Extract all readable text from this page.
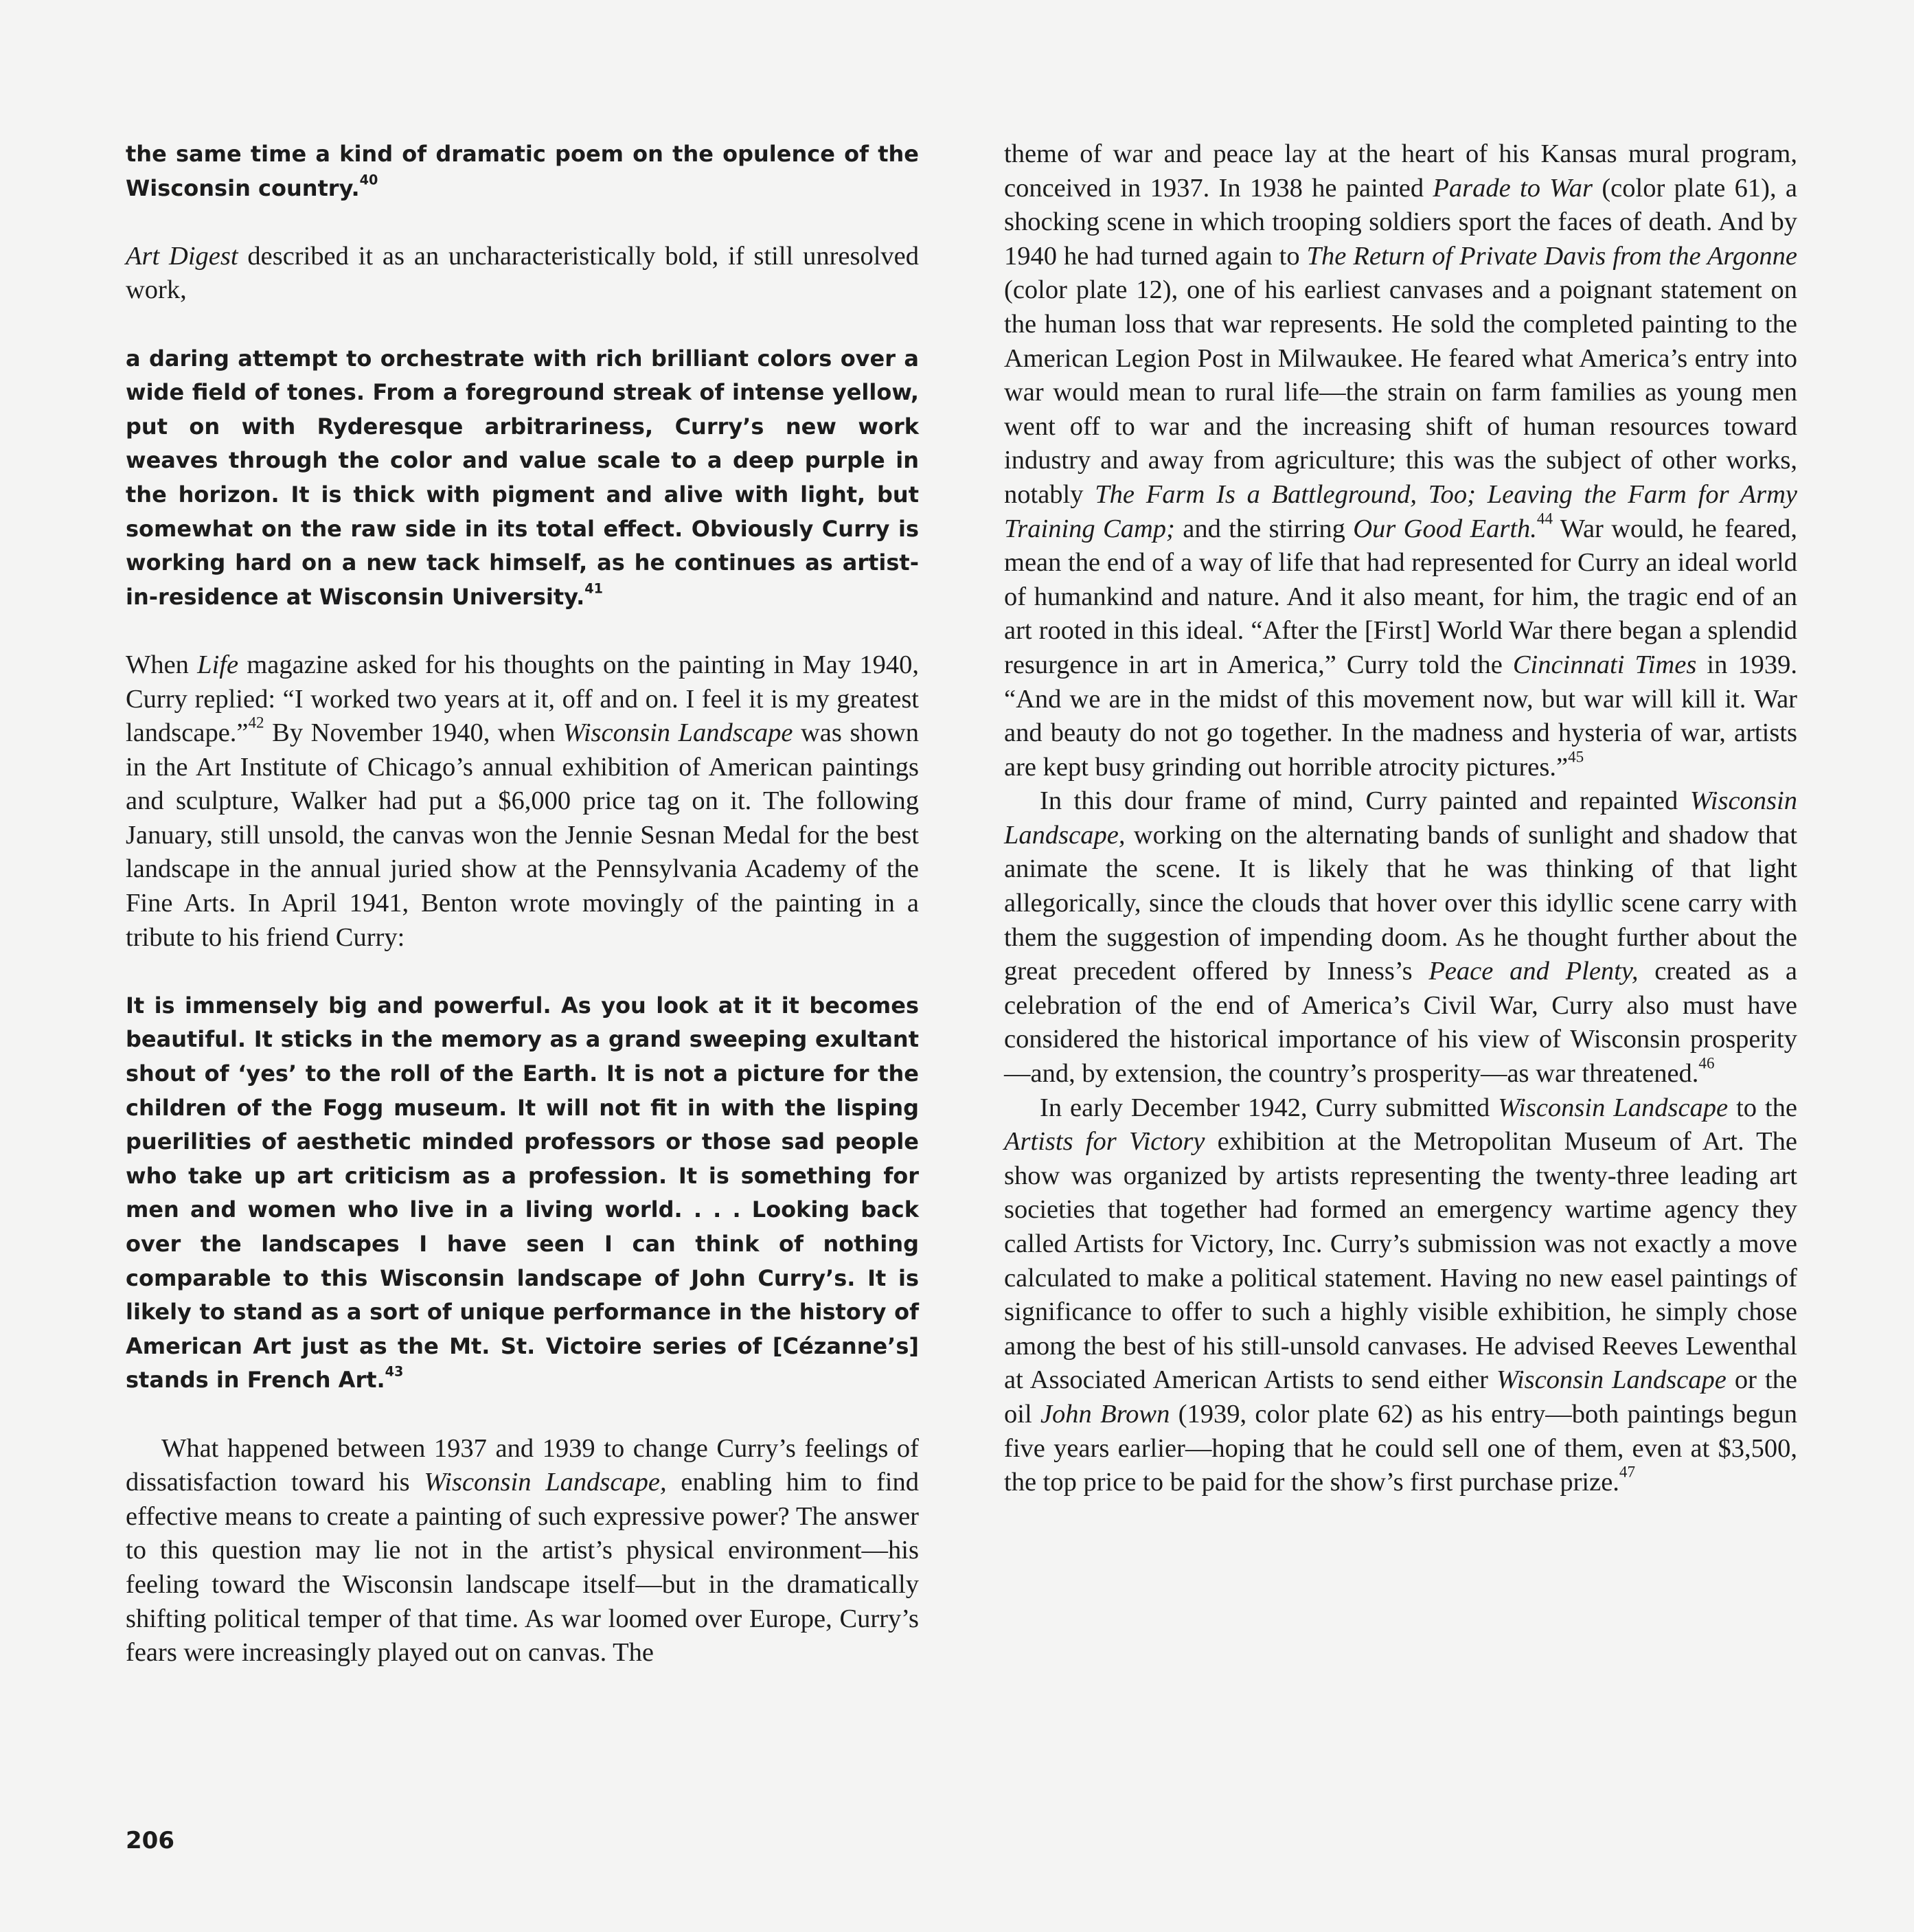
the same time a kind of dramatic poem on the opulence of the Wisconsin country.$^{40}$

Art Digest described it as an uncharacteristically bold, if still unresolved work,

a daring attempt to orchestrate with rich brilliant colors over a wide field of tones. From a foreground streak of intense yellow, put on with Ryderesque arbitrariness, Curry’s new work weaves through the color and value scale to a deep purple in the horizon. It is thick with pigment and alive with light, but somewhat on the raw side in its total effect. Obviously Curry is working hard on a new tack himself, as he continues as artist-in-residence at Wisconsin University.$^{41}$

When Life magazine asked for his thoughts on the painting in May 1940, Curry replied: “I worked two years at it, off and on. I feel it is my greatest landscape.”$^{42}$ By November 1940, when Wisconsin Landscape was shown in the Art Institute of Chicago’s annual exhibition of American paintings and sculpture, Walker had put a $6,000 price tag on it. The following January, still unsold, the canvas won the Jennie Sesnan Medal for the best landscape in the annual juried show at the Pennsylvania Academy of the Fine Arts. In April 1941, Benton wrote movingly of the painting in a tribute to his friend Curry:

It is immensely big and powerful. As you look at it it becomes beautiful. It sticks in the memory as a grand sweeping exultant shout of ‘yes’ to the roll of the Earth. It is not a picture for the children of the Fogg museum. It will not fit in with the lisping puerilities of aesthetic minded professors or those sad people who take up art criticism as a profession. It is something for men and women who live in a living world. . . . Looking back over the landscapes I have seen I can think of nothing comparable to this Wisconsin landscape of John Curry’s. It is likely to stand as a sort of unique performance in the history of American Art just as the Mt. St. Victoire series of [Cézanne’s] stands in French Art.$^{43}$

What happened between 1937 and 1939 to change Curry’s feelings of dissatisfaction toward his Wisconsin Landscape, enabling him to find effective means to create a painting of such expressive power? The answer to this question may lie not in the artist’s physical environment—his feeling toward the Wisconsin landscape itself—but in the dramatically shifting political temper of that time. As war loomed over Europe, Curry’s fears were increasingly played out on canvas. The

theme of war and peace lay at the heart of his Kansas mural program, conceived in 1937. In 1938 he painted Parade to War (color plate 61), a shocking scene in which trooping soldiers sport the faces of death. And by 1940 he had turned again to The Return of Private Davis from the Argonne (color plate 12), one of his earliest canvases and a poignant statement on the human loss that war represents. He sold the completed painting to the American Legion Post in Milwaukee. He feared what America’s entry into war would mean to rural life—the strain on farm families as young men went off to war and the increasing shift of human resources toward industry and away from agriculture; this was the subject of other works, notably The Farm Is a Battleground, Too; Leaving the Farm for Army Training Camp; and the stirring Our Good Earth.$^{44}$ War would, he feared, mean the end of a way of life that had represented for Curry an ideal world of humankind and nature. And it also meant, for him, the tragic end of an art rooted in this ideal. “After the [First] World War there began a splendid resurgence in art in America,” Curry told the Cincinnati Times in 1939. “And we are in the midst of this movement now, but war will kill it. War and beauty do not go together. In the madness and hysteria of war, artists are kept busy grinding out horrible atrocity pictures.”$^{45}$

In this dour frame of mind, Curry painted and repainted Wisconsin Landscape, working on the alternating bands of sunlight and shadow that animate the scene. It is likely that he was thinking of that light allegorically, since the clouds that hover over this idyllic scene carry with them the suggestion of impending doom. As he thought further about the great precedent offered by Inness’s Peace and Plenty, created as a celebration of the end of America’s Civil War, Curry also must have considered the historical importance of his view of Wisconsin prosperity—and, by extension, the country’s prosperity—as war threatened.$^{46}$

In early December 1942, Curry submitted Wisconsin Landscape to the Artists for Victory exhibition at the Metropolitan Museum of Art. The show was organized by artists representing the twenty-three leading art societies that together had formed an emergency wartime agency they called Artists for Victory, Inc. Curry’s submission was not exactly a move calculated to make a political statement. Having no new easel paintings of significance to offer to such a highly visible exhibition, he simply chose among the best of his still-unsold canvases. He advised Reeves Lewenthal at Associated American Artists to send either Wisconsin Landscape or the oil John Brown (1939, color plate 62) as his entry—both paintings begun five years earlier—hoping that he could sell one of them, even at $3,500, the top price to be paid for the show’s first purchase prize.$^{47}$

206
